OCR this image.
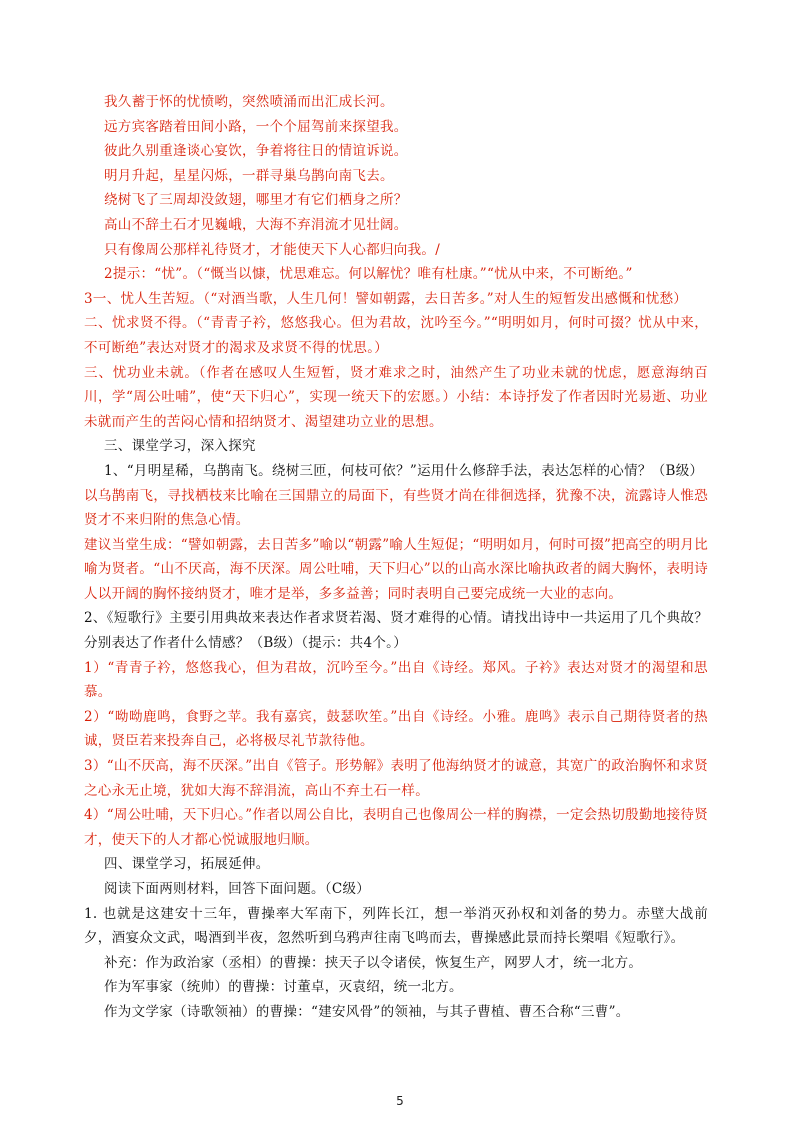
我久蓄于怀的忧愤哟，突然喷涌而出汇成长河。

远方宾客踏着田间小路，一个个屈驾前来探望我。

彼此久别重逢谈心宴饮，争着将往日的情谊诉说。

明月升起，星星闪烁，一群寻巢乌鹊向南飞去。

绕树飞了三周却没敛翅，哪里才有它们栖身之所？

高山不辞土石才见巍峨，大海不弃涓流才见壮阔。

只有像周公那样礼待贤才，才能使天下人心都归向我。/

2提示：“忧”。（“慨当以慷，忧思难忘。何以解忧？唯有杜康。”“忧从中来，不可断绝。”

3一、忧人生苦短。（“对酒当歌，人生几何！譬如朝露，去日苦多。”对人生的短暂发出感慨和忧愁）

二、忧求贤不得。（“青青子衿，悠悠我心。但为君故，沈吟至今。”“明明如月，何时可掇？忧从中来，不可断绝”表达对贤才的渴求及求贤不得的忧思。）

三、忧功业未就。（作者在感叹人生短暂，贤才难求之时，油然产生了功业未就的忧虑，愿意海纳百川，学“周公吐哺”，使“天下归心”，实现一统天下的宏愿。）小结：本诗抒发了作者因时光易逝、功业未就而产生的苦闷心情和招纳贤才、渴望建功立业的思想。

三、课堂学习，深入探究

1、“月明星稀，乌鹊南飞。绕树三匝，何枝可依？”运用什么修辞手法，表达怎样的心情？（B级）

以乌鹊南飞，寻找栖枝来比喻在三国鼎立的局面下，有些贤才尚在徘徊选择，犹豫不决，流露诗人惟恐贤才不来归附的焦急心情。

建议当堂生成：“譬如朝露，去日苦多”喻以“朝露”喻人生短促；“明明如月，何时可掇”把高空的明月比喻为贤者。“山不厌高，海不厌深。周公吐哺，天下归心”以的山高水深比喻执政者的阔大胸怀，表明诗人以开阔的胸怀接纳贤才，唯才是举，多多益善；同时表明自己要完成统一大业的志向。

2、《短歌行》主要引用典故来表达作者求贤若渴、贤才难得的心情。请找出诗中一共运用了几个典故？分别表达了作者什么情感？（B级）（提示：共4个。）

1）“青青子衿，悠悠我心，但为君故，沉吟至今。”出自《诗经。郑风。子衿》表达对贤才的渴望和思慕。

2）“呦呦鹿鸣，食野之苹。我有嘉宾，鼓瑟吹笙。”出自《诗经。小雅。鹿鸣》表示自己期待贤者的热诚，贤臣若来投奔自己，必将极尽礼节款待他。

3）“山不厌高，海不厌深。”出自《管子。形势解》表明了他海纳贤才的诚意，其宽广的政治胸怀和求贤之心永无止境，犹如大海不辞涓流，高山不弃土石一样。

4）“周公吐哺，天下归心。”作者以周公自比，表明自己也像周公一样的胸襟，一定会热切殷勤地接待贤才，使天下的人才都心悦诚服地归顺。

四、课堂学习，拓展延伸。

阅读下面两则材料，回答下面问题。（C级）

1. 也就是这建安十三年，曹操率大军南下，列阵长江，想一举消灭孙权和刘备的势力。赤壁大战前夕，酒宴众文武，喝酒到半夜，忽然听到乌鸦声往南飞鸣而去，曹操感此景而持长槊唱《短歌行》。

补充：作为政治家（丞相）的曹操：挟天子以令诸侯，恢复生产，网罗人才，统一北方。

作为军事家（统帅）的曹操：讨董卓，灭袁绍，统一北方。

作为文学家（诗歌领袖）的曹操：“建安风骨”的领袖，与其子曹植、曹丕合称“三曹”。

5
